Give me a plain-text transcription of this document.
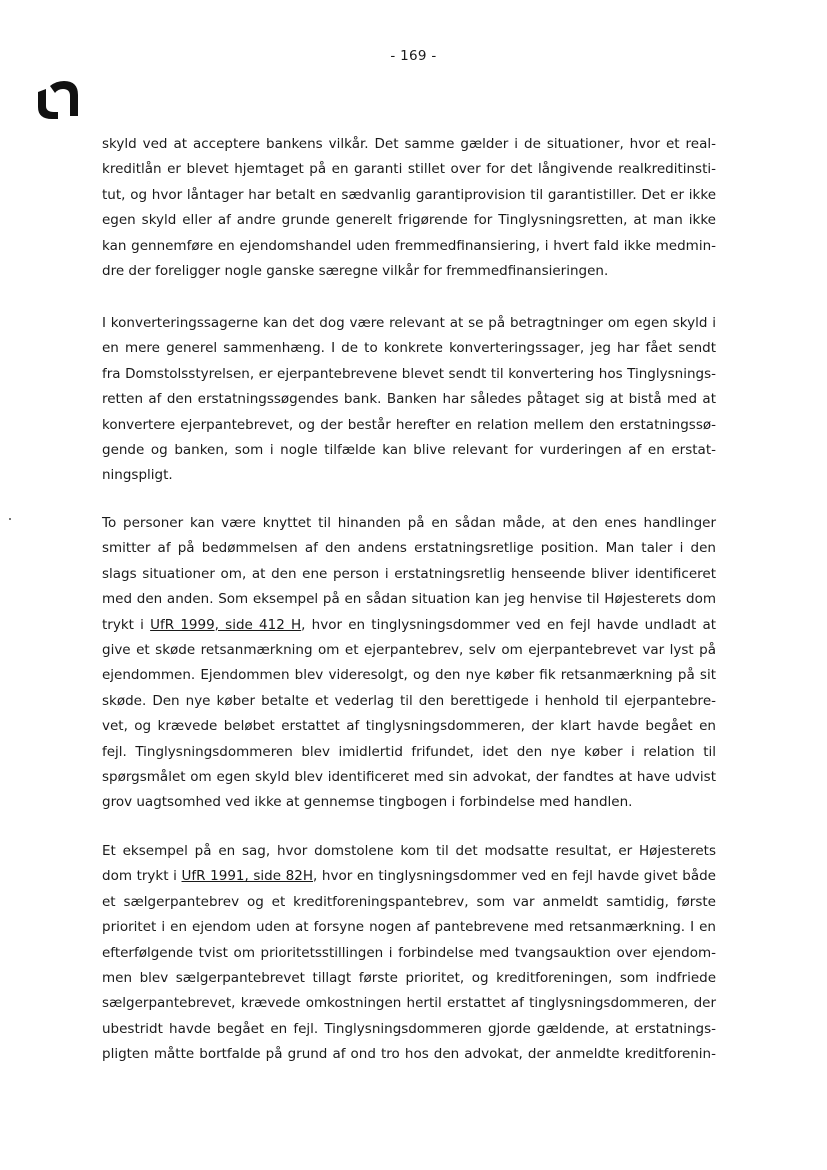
- 169 -
skyld ved at acceptere bankens vilkår. Det samme gælder i de situationer, hvor et real-
kreditlån er blevet hjemtaget på en garanti stillet over for det långivende realkreditinsti-
tut, og hvor låntager har betalt en sædvanlig garantiprovision til garantistiller. Det er ikke
egen skyld eller af andre grunde generelt frigørende for Tinglysningsretten, at man ikke
kan gennemføre en ejendomshandel uden fremmedfinansiering, i hvert fald ikke medmin-
dre der foreligger nogle ganske særegne vilkår for fremmedfinansieringen.
I konverteringssagerne kan det dog være relevant at se på betragtninger om egen skyld i
en mere generel sammenhæng. I de to konkrete konverteringssager, jeg har fået sendt
fra Domstolsstyrelsen, er ejerpantebrevene blevet sendt til konvertering hos Tinglysnings-
retten af den erstatningssøgendes bank. Banken har således påtaget sig at bistå med at
konvertere ejerpantebrevet, og der består herefter en relation mellem den erstatningssø-
gende og banken, som i nogle tilfælde kan blive relevant for vurderingen af en erstat-
ningspligt.
To personer kan være knyttet til hinanden på en sådan måde, at den enes handlinger
smitter af på bedømmelsen af den andens erstatningsretlige position. Man taler i den
slags situationer om, at den ene person i erstatningsretlig henseende bliver identificeret
med den anden. Som eksempel på en sådan situation kan jeg henvise til Højesterets dom
trykt i UfR 1999, side 412 H, hvor en tinglysningsdommer ved en fejl havde undladt at
give et skøde retsanmærkning om et ejerpantebrev, selv om ejerpantebrevet var lyst på
ejendommen. Ejendommen blev videresolgt, og den nye køber fik retsanmærkning på sit
skøde. Den nye køber betalte et vederlag til den berettigede i henhold til ejerpantebre-
vet, og krævede beløbet erstattet af tinglysningsdommeren, der klart havde begået en
fejl. Tinglysningsdommeren blev imidlertid frifundet, idet den nye køber i relation til
spørgsmålet om egen skyld blev identificeret med sin advokat, der fandtes at have udvist
grov uagtsomhed ved ikke at gennemse tingbogen i forbindelse med handlen.
Et eksempel på en sag, hvor domstolene kom til det modsatte resultat, er Højesterets
dom trykt i UfR 1991, side 82H, hvor en tinglysningsdommer ved en fejl havde givet både
et sælgerpantebrev og et kreditforeningspantebrev, som var anmeldt samtidig, første
prioritet i en ejendom uden at forsyne nogen af pantebrevene med retsanmærkning. I en
efterfølgende tvist om prioritetsstillingen i forbindelse med tvangsauktion over ejendom-
men blev sælgerpantebrevet tillagt første prioritet, og kreditforeningen, som indfriede
sælgerpantebrevet, krævede omkostningen hertil erstattet af tinglysningsdommeren, der
ubestridt havde begået en fejl. Tinglysningsdommeren gjorde gældende, at erstatnings-
pligten måtte bortfalde på grund af ond tro hos den advokat, der anmeldte kreditforenin-
